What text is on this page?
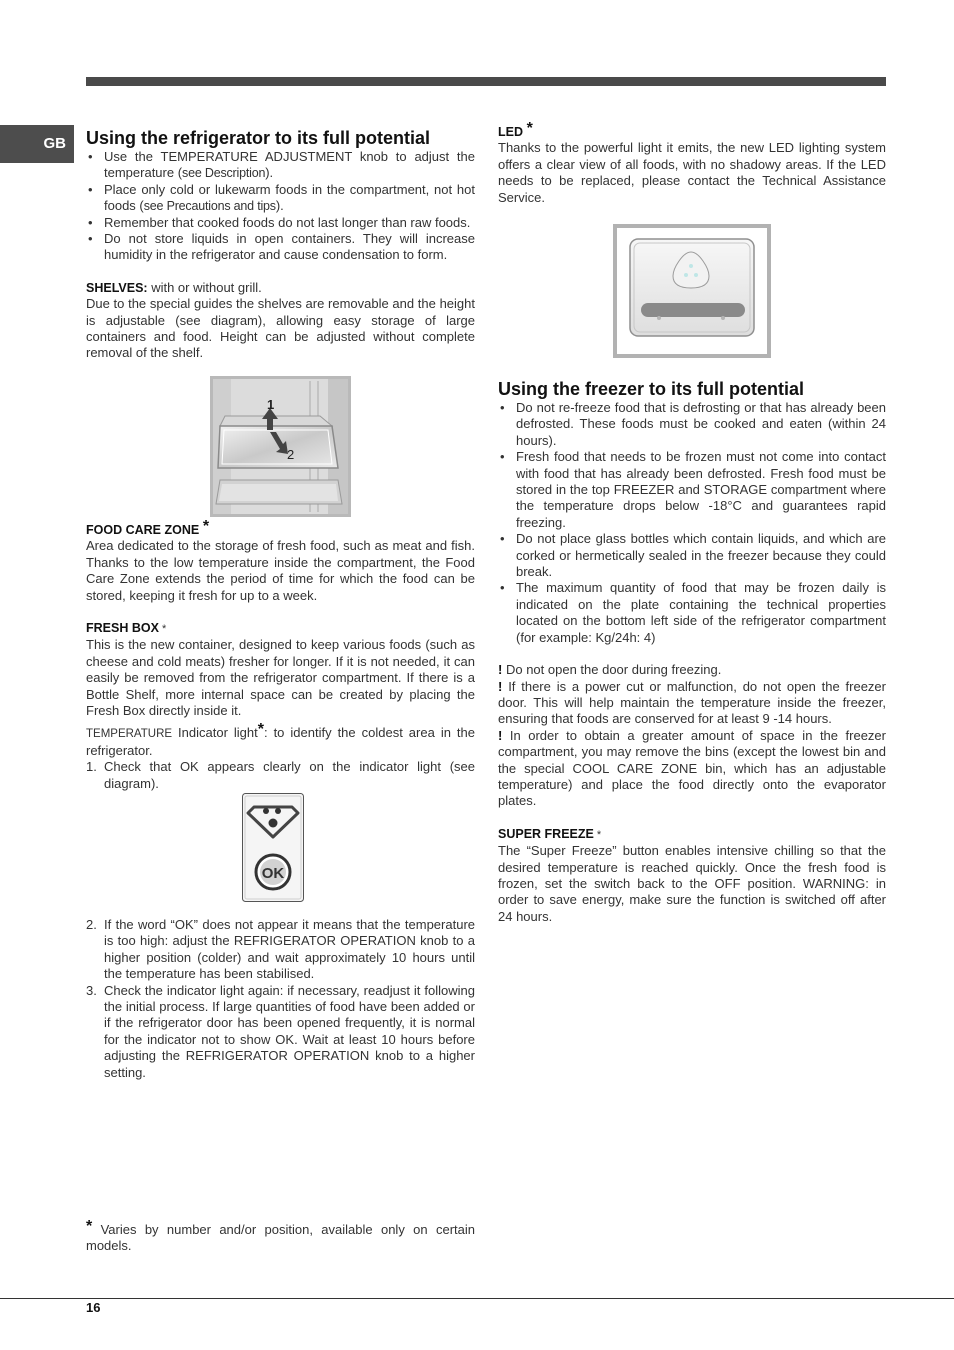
GB	Using the refrigerator to its full potential
• Use the TEMPERATURE ADJUSTMENT knob to adjust the temperature (see Description).
• Place only cold or lukewarm foods in the compartment, not hot foods (see Precautions and tips).
• Remember that cooked foods do not last longer than raw foods.
• Do not store liquids in open containers. They will increase humidity in the refrigerator and cause condensation to form.

SHELVES: with or without grill.

Due to the special guides the shelves are removable and the height is adjustable (see diagram), allowing easy storage of large containers and food. Height can be adjusted without complete removal of the shelf.

1
2
FOOD CARE ZONE *

Area dedicated to the storage of fresh food, such as meat and fish. Thanks to the low temperature inside the compartment, the Food Care Zone extends the period of time for which the food can be stored, keeping it fresh for up to a week.

FRESH BOX *

This is the new container, designed to keep various foods (such as cheese and cold meats) fresher for longer. If it is not needed, it can easily be removed from the refrigerator compartment. If there is a Bottle Shelf, more internal space can be created by placing the Fresh Box directly inside it.

TEMPERATURE Indicator light*: to identify the coldest area in the refrigerator.

1. Check that OK appears clearly on the indicator light (see diagram).
OK
2. If the word “OK” does not appear it means that the temperature is too high: adjust the REFRIGERATOR OPERATION knob to a higher position (colder) and wait approximately 10 hours until the temperature has been stabilised.
3. Check the indicator light again: if necessary, readjust it following the initial process. If large quantities of food have been added or if the refrigerator door has been opened frequently, it is normal for the indicator not to show OK. Wait at least 10 hours before adjusting the REFRIGERATOR OPERATION knob to a higher setting.

* Varies by number and/or position, available only on certain models.

LED *

Thanks to the powerful light it emits, the new LED lighting system offers a clear view of all foods, with no shadowy areas. If the LED needs to be replaced, please contact the Technical Assistance Service.

Using the freezer to its full potential
• Do not re-freeze food that is defrosting or that has already been defrosted. These foods must be cooked and eaten (within 24 hours).
• Fresh food that needs to be frozen must not come into contact with food that has already been defrosted. Fresh food must be stored in the top FREEZER and STORAGE compartment where the temperature drops below -18°C and guarantees rapid freezing.
• Do not place glass bottles which contain liquids, and which are corked or hermetically sealed in the freezer because they could break.
• The maximum quantity of food that may be frozen daily is indicated on the plate containing the technical properties located on the bottom left side of the refrigerator compartment (for example: Kg/24h: 4)

! Do not open the door during freezing.

! If there is a power cut or malfunction, do not open the freezer door. This will help maintain the temperature inside the freezer, ensuring that foods are conserved for at least 9 -14 hours.

! In order to obtain a greater amount of space in the freezer compartment, you may remove the bins (except the lowest bin and the special COOL CARE ZONE bin, which has an adjustable temperature) and place the food directly onto the evaporator plates.

SUPER FREEZE *

The “Super Freeze” button enables intensive chilling so that the desired temperature is reached quickly. Once the fresh food is frozen, set the switch back to the OFF position. WARNING: in order to save energy, make sure the function is switched off after 24 hours.

16
